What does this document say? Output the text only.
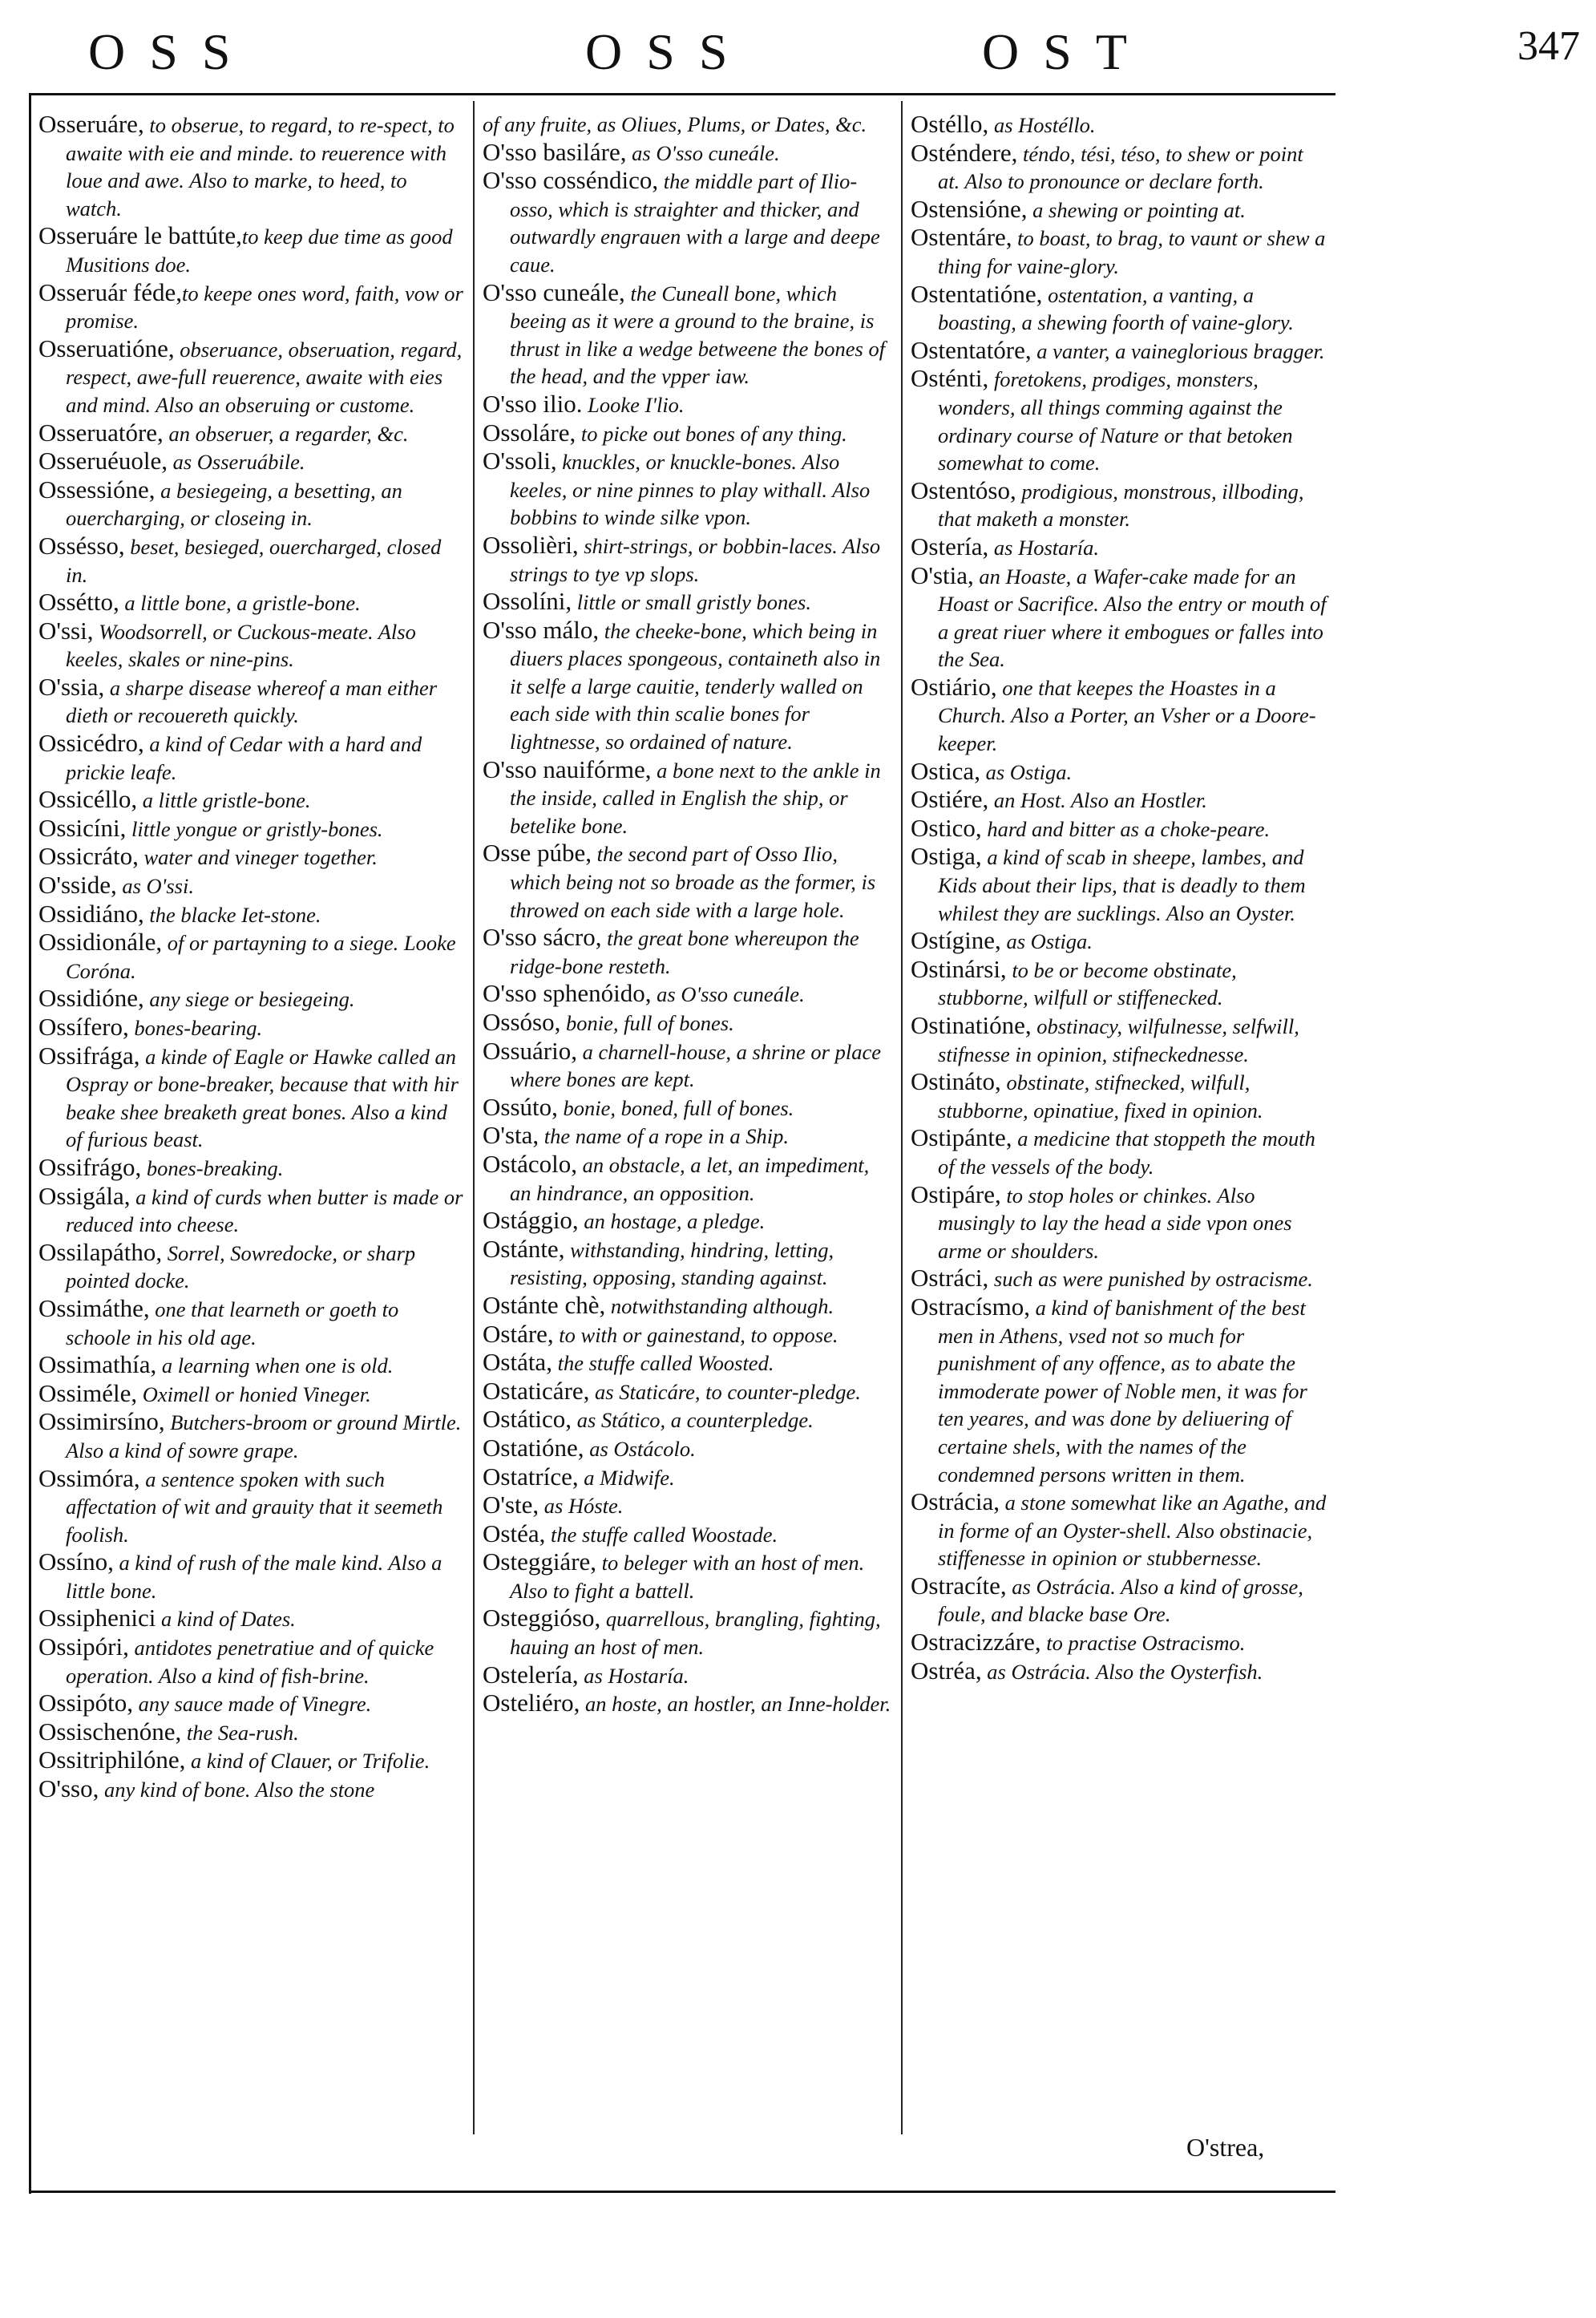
OSS	OSS	OST	347
Osseruáre, to obserue, to regard, to re-spect, to awaite with eie and minde. to reuerence with loue and awe. Also to marke, to heed, to watch.
Osseruáre le battúte,to keep due time as good Musitions doe.
Osseruár féde,to keepe ones word, faith, vow or promise.
Osseruatióne, obseruance, obseruation, regard, respect, awe-full reuerence, awaite with eies and mind. Also an obseruing or custome.
Osseruatóre, an obseruer, a regarder, &c.
Osseruéuole, as Osseruábile.
Ossessióne, a besiegeing, a besetting, an ouercharging, or closeing in.
Ossésso, beset, besieged, ouercharged, closed in.
Ossétto, a little bone, a gristle-bone.
O'ssi, Woodsorrell, or Cuckous-meate. Also keeles, skales or nine-pins.
O'ssia, a sharpe disease whereof a man either dieth or recouereth quickly.
Ossicédro, a kind of Cedar with a hard and prickie leafe.
Ossicéllo, a little gristle-bone.
Ossicíni, little yongue or gristly-bones.
Ossicráto, water and vineger together.
O'sside, as O'ssi.
Ossidiáno, the blacke Iet-stone.
Ossidionále, of or partayning to a siege. Looke Coróna.
Ossidióne, any siege or besiegeing.
Ossífero, bones-bearing.
Ossifrága, a kinde of Eagle or Hawke called an Ospray or bone-breaker, because that with hir beake shee breaketh great bones. Also a kind of furious beast.
Ossifrágo, bones-breaking.
Ossigála, a kind of curds when butter is made or reduced into cheese.
Ossilapátho, Sorrel, Sowredocke, or sharp pointed docke.
Ossimáthe, one that learneth or goeth to schoole in his old age.
Ossimathía, a learning when one is old.
Ossiméle, Oximell or honied Vineger.
Ossimirsíno, Butchers-broom or ground Mirtle. Also a kind of sowre grape.
Ossimóra, a sentence spoken with such affectation of wit and grauity that it seemeth foolish.
Ossíno, a kind of rush of the male kind. Also a little bone.
Ossiphenici a kind of Dates.
Ossipóri, antidotes penetratiue and of quicke operation. Also a kind of fish-brine.
Ossipóto, any sauce made of Vinegre.
Ossischenóne, the Sea-rush.
Ossitriphilóne, a kind of Clauer, or Trifolie.
O'sso, any kind of bone. Also the stone
of any fruite, as Oliues, Plums, or Dates, &c.
O'sso basiláre, as O'sso cuneále.
O'sso cosséndico, the middle part of Ilio-osso, which is straighter and thicker, and outwardly engrauen with a large and deepe caue.
O'sso cuneále, the Cuneall bone, which beeing as it were a ground to the braine, is thrust in like a wedge betweene the bones of the head, and the vpper iaw.
O'sso ilio. Looke I'lio.
Ossoláre, to picke out bones of any thing.
O'ssoli, knuckles, or knuckle-bones. Also keeles, or nine pinnes to play withall. Also bobbins to winde silke vpon.
Ossolièri, shirt-strings, or bobbin-laces. Also strings to tye vp slops.
Ossolíni, little or small gristly bones.
O'sso málo, the cheeke-bone, which being in diuers places spongeous, containeth also in it selfe a large cauitie, tenderly walled on each side with thin scalie bones for lightnesse, so ordained of nature.
O'sso nauifórme, a bone next to the ankle in the inside, called in English the ship, or betelike bone.
Osse púbe, the second part of Osso Ilio, which being not so broade as the former, is throwed on each side with a large hole.
O'sso sácro, the great bone whereupon the ridge-bone resteth.
O'sso sphenóido, as O'sso cuneále.
Ossóso, bonie, full of bones.
Ossuário, a charnell-house, a shrine or place where bones are kept.
Ossúto, bonie, boned, full of bones.
O'sta, the name of a rope in a Ship.
Ostácolo, an obstacle, a let, an impediment, an hindrance, an opposition.
Ostággio, an hostage, a pledge.
Ostánte, withstanding, hindring, letting, resisting, opposing, standing against.
Ostánte chè, notwithstanding although.
Ostáre, to with or gainestand, to oppose.
Ostáta, the stuffe called Woosted.
Ostaticáre, as Staticáre, to counter-pledge.
Ostático, as Stático, a counterpledge.
Ostatióne, as Ostácolo.
Ostatríce, a Midwife.
O'ste, as Hóste.
Ostéa, the stuffe called Woostade.
Osteggiáre, to beleger with an host of men. Also to fight a battell.
Osteggióso, quarrellous, brangling, fighting, hauing an host of men.
Ostelería, as Hostaría.
Osteliéro, an hoste, an hostler, an Inne-holder.
Ostéllo, as Hostéllo.
Osténdere, téndo, tési, téso, to shew or point at. Also to pronounce or declare forth.
Ostensióne, a shewing or pointing at.
Ostentáre, to boast, to brag, to vaunt or shew a thing for vaine-glory.
Ostentatióne, ostentation, a vanting, a boasting, a shewing foorth of vaine-glory.
Ostentatóre, a vanter, a vaineglorious bragger.
Osténti, foretokens, prodiges, monsters, wonders, all things comming against the ordinary course of Nature or that betoken somewhat to come.
Ostentóso, prodigious, monstrous, illboding, that maketh a monster.
Ostería, as Hostaría.
O'stia, an Hoaste, a Wafer-cake made for an Hoast or Sacrifice. Also the entry or mouth of a great riuer where it embogues or falles into the Sea.
Ostiário, one that keepes the Hoastes in a Church. Also a Porter, an Vsher or a Doore-keeper.
Ostica, as Ostiga.
Ostiére, an Host. Also an Hostler.
Ostico, hard and bitter as a choke-peare.
Ostiga, a kind of scab in sheepe, lambes, and Kids about their lips, that is deadly to them whilest they are sucklings. Also an Oyster.
Ostígine, as Ostiga.
Ostinársi, to be or become obstinate, stubborne, wilfull or stiffenecked.
Ostinatióne, obstinacy, wilfulnesse, selfwill, stifnesse in opinion, stifneckednesse.
Ostináto, obstinate, stifnecked, wilfull, stubborne, opinatiue, fixed in opinion.
Ostipánte, a medicine that stoppeth the mouth of the vessels of the body.
Ostipáre, to stop holes or chinkes. Also musingly to lay the head a side vpon ones arme or shoulders.
Ostráci, such as were punished by ostracisme.
Ostracísmo, a kind of banishment of the best men in Athens, vsed not so much for punishment of any offence, as to abate the immoderate power of Noble men, it was for ten yeares, and was done by deliuering of certaine shels, with the names of the condemned persons written in them.
Ostrácia, a stone somewhat like an Agathe, and in forme of an Oyster-shell. Also obstinacie, stiffenesse in opinion or stubbernesse.
Ostracíte, as Ostrácia. Also a kind of grosse, foule, and blacke base Ore.
Ostracizzáre, to practise Ostracismo.
Ostréa, as Ostrácia. Also the Oysterfish.
O'strea,
